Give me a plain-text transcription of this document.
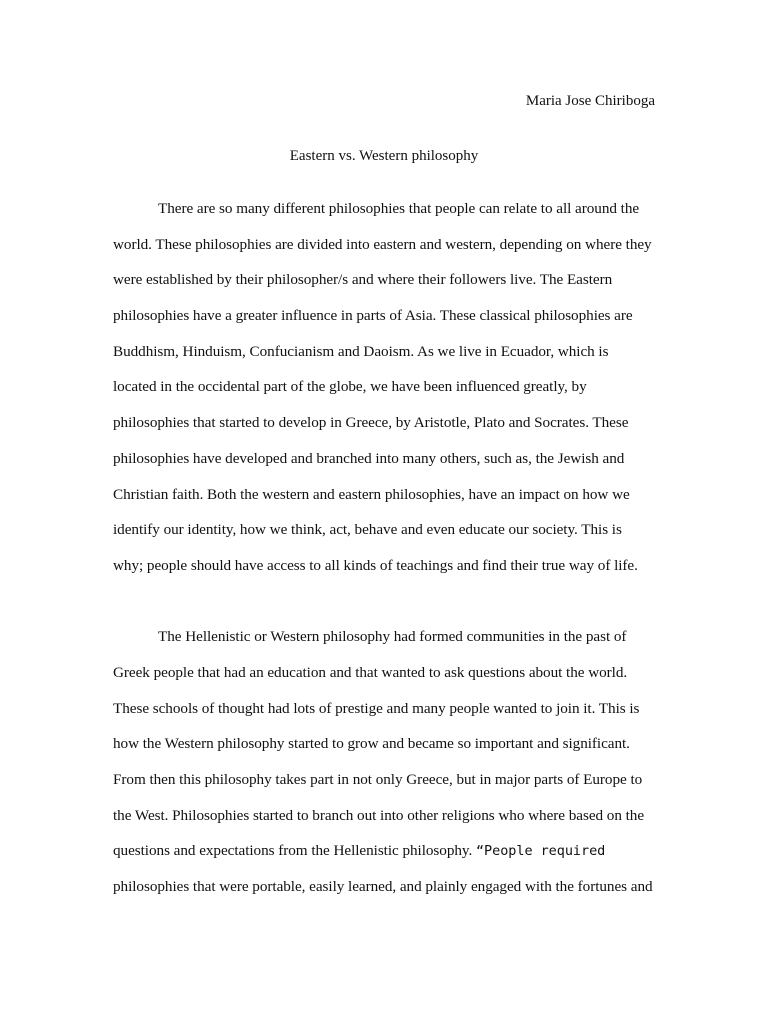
Maria Jose Chiriboga
Eastern vs. Western philosophy
There are so many different philosophies that people can relate to all around the
world. These philosophies are divided into eastern and western, depending on where they
were established by their philosopher/s and where their followers live. The Eastern
philosophies have a greater influence in parts of Asia. These classical philosophies are
Buddhism, Hinduism, Confucianism and Daoism. As we live in Ecuador, which is
located in the occidental part of the globe, we have been influenced greatly, by
philosophies that started to develop in Greece, by Aristotle, Plato and Socrates. These
philosophies have developed and branched into many others, such as, the Jewish and
Christian faith. Both the western and eastern philosophies, have an impact on how we
identify our identity, how we think, act, behave and even educate our society. This is
why; people should have access to all kinds of teachings and find their true way of life.
The Hellenistic or Western philosophy had formed communities in the past of
Greek people that had an education and that wanted to ask questions about the world.
These schools of thought had lots of prestige and many people wanted to join it. This is
how the Western philosophy started to grow and became so important and significant.
From then this philosophy takes part in not only Greece, but in major parts of Europe to
the West. Philosophies started to branch out into other religions who where based on the
questions and expectations from the Hellenistic philosophy. “People required
philosophies that were portable, easily learned, and plainly engaged with the fortunes and
